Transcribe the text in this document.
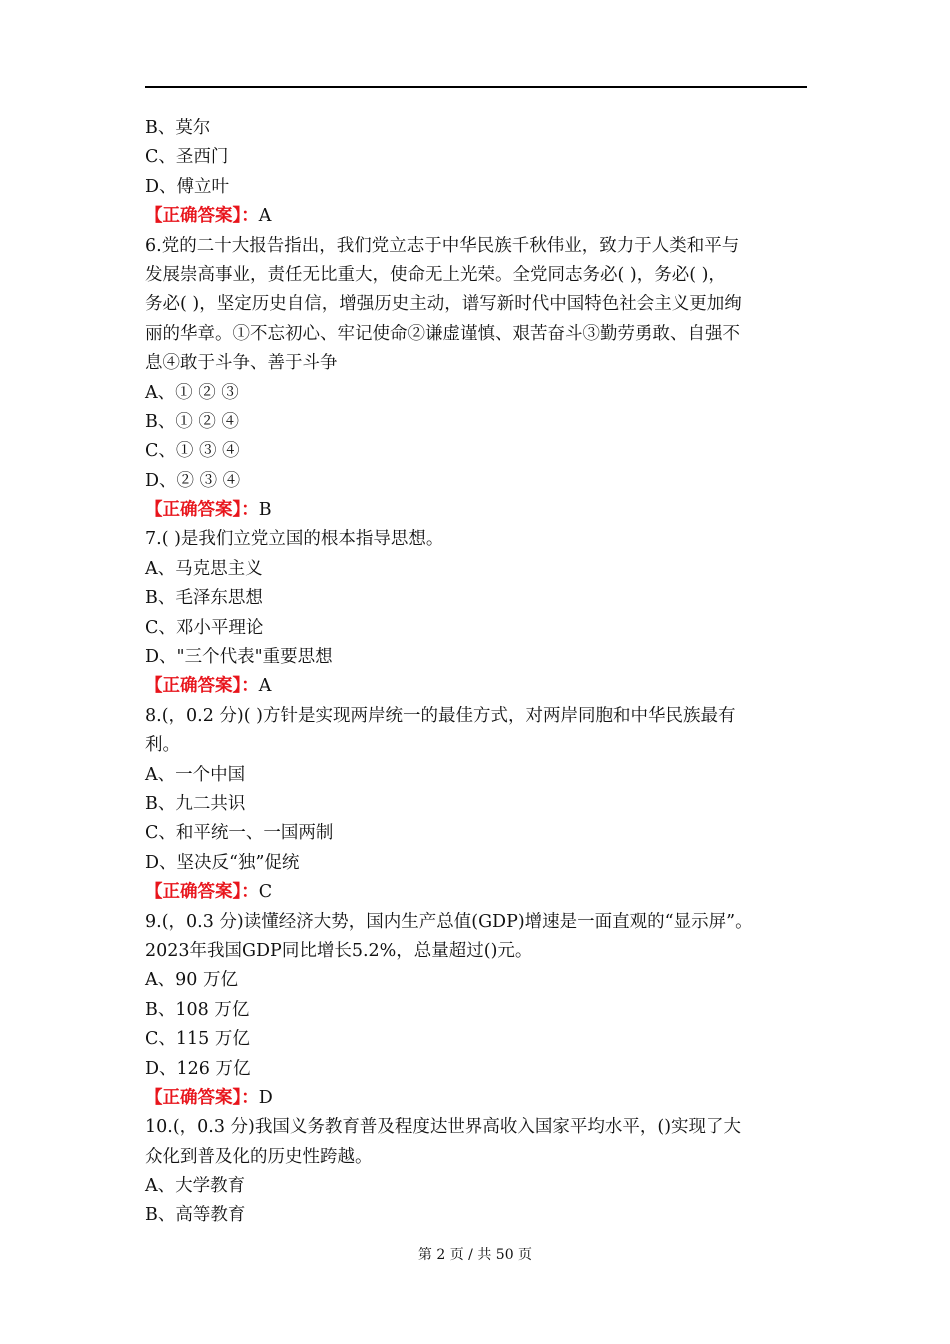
B、莫尔
C、圣西门
D、傅立叶
【正确答案】：A
6.党的二十大报告指出，我们党立志于中华民族千秋伟业，致力于人类和平与
发展崇高事业，责任无比重大，使命无上光荣。全党同志务必( )，务必( )，
务必( )，坚定历史自信，增强历史主动，谱写新时代中国特色社会主义更加绚
丽的华章。①不忘初心、牢记使命②谦虚谨慎、艰苦奋斗③勤劳勇敢、自强不
息④敢于斗争、善于斗争
A、① ② ③
B、① ② ④
C、① ③ ④
D、② ③ ④
【正确答案】：B
7.( )是我们立党立国的根本指导思想。
A、马克思主义
B、毛泽东思想
C、邓小平理论
D、"三个代表"重要思想
【正确答案】：A
8.(，0.2 分)( )方针是实现两岸统一的最佳方式，对两岸同胞和中华民族最有
利。
A、一个中国
B、九二共识
C、和平统一、一国两制
D、坚决反“独”促统
【正确答案】：C
9.(，0.3 分)读懂经济大势，国内生产总值(GDP)增速是一面直观的“显示屏”。
2023年我国GDP同比增长5.2%，总量超过()元。
A、90 万亿
B、108 万亿
C、115 万亿
D、126 万亿
【正确答案】：D
10.(，0.3 分)我国义务教育普及程度达世界高收入国家平均水平，()实现了大
众化到普及化的历史性跨越。
A、大学教育
B、高等教育
第 2 页 / 共 50 页
